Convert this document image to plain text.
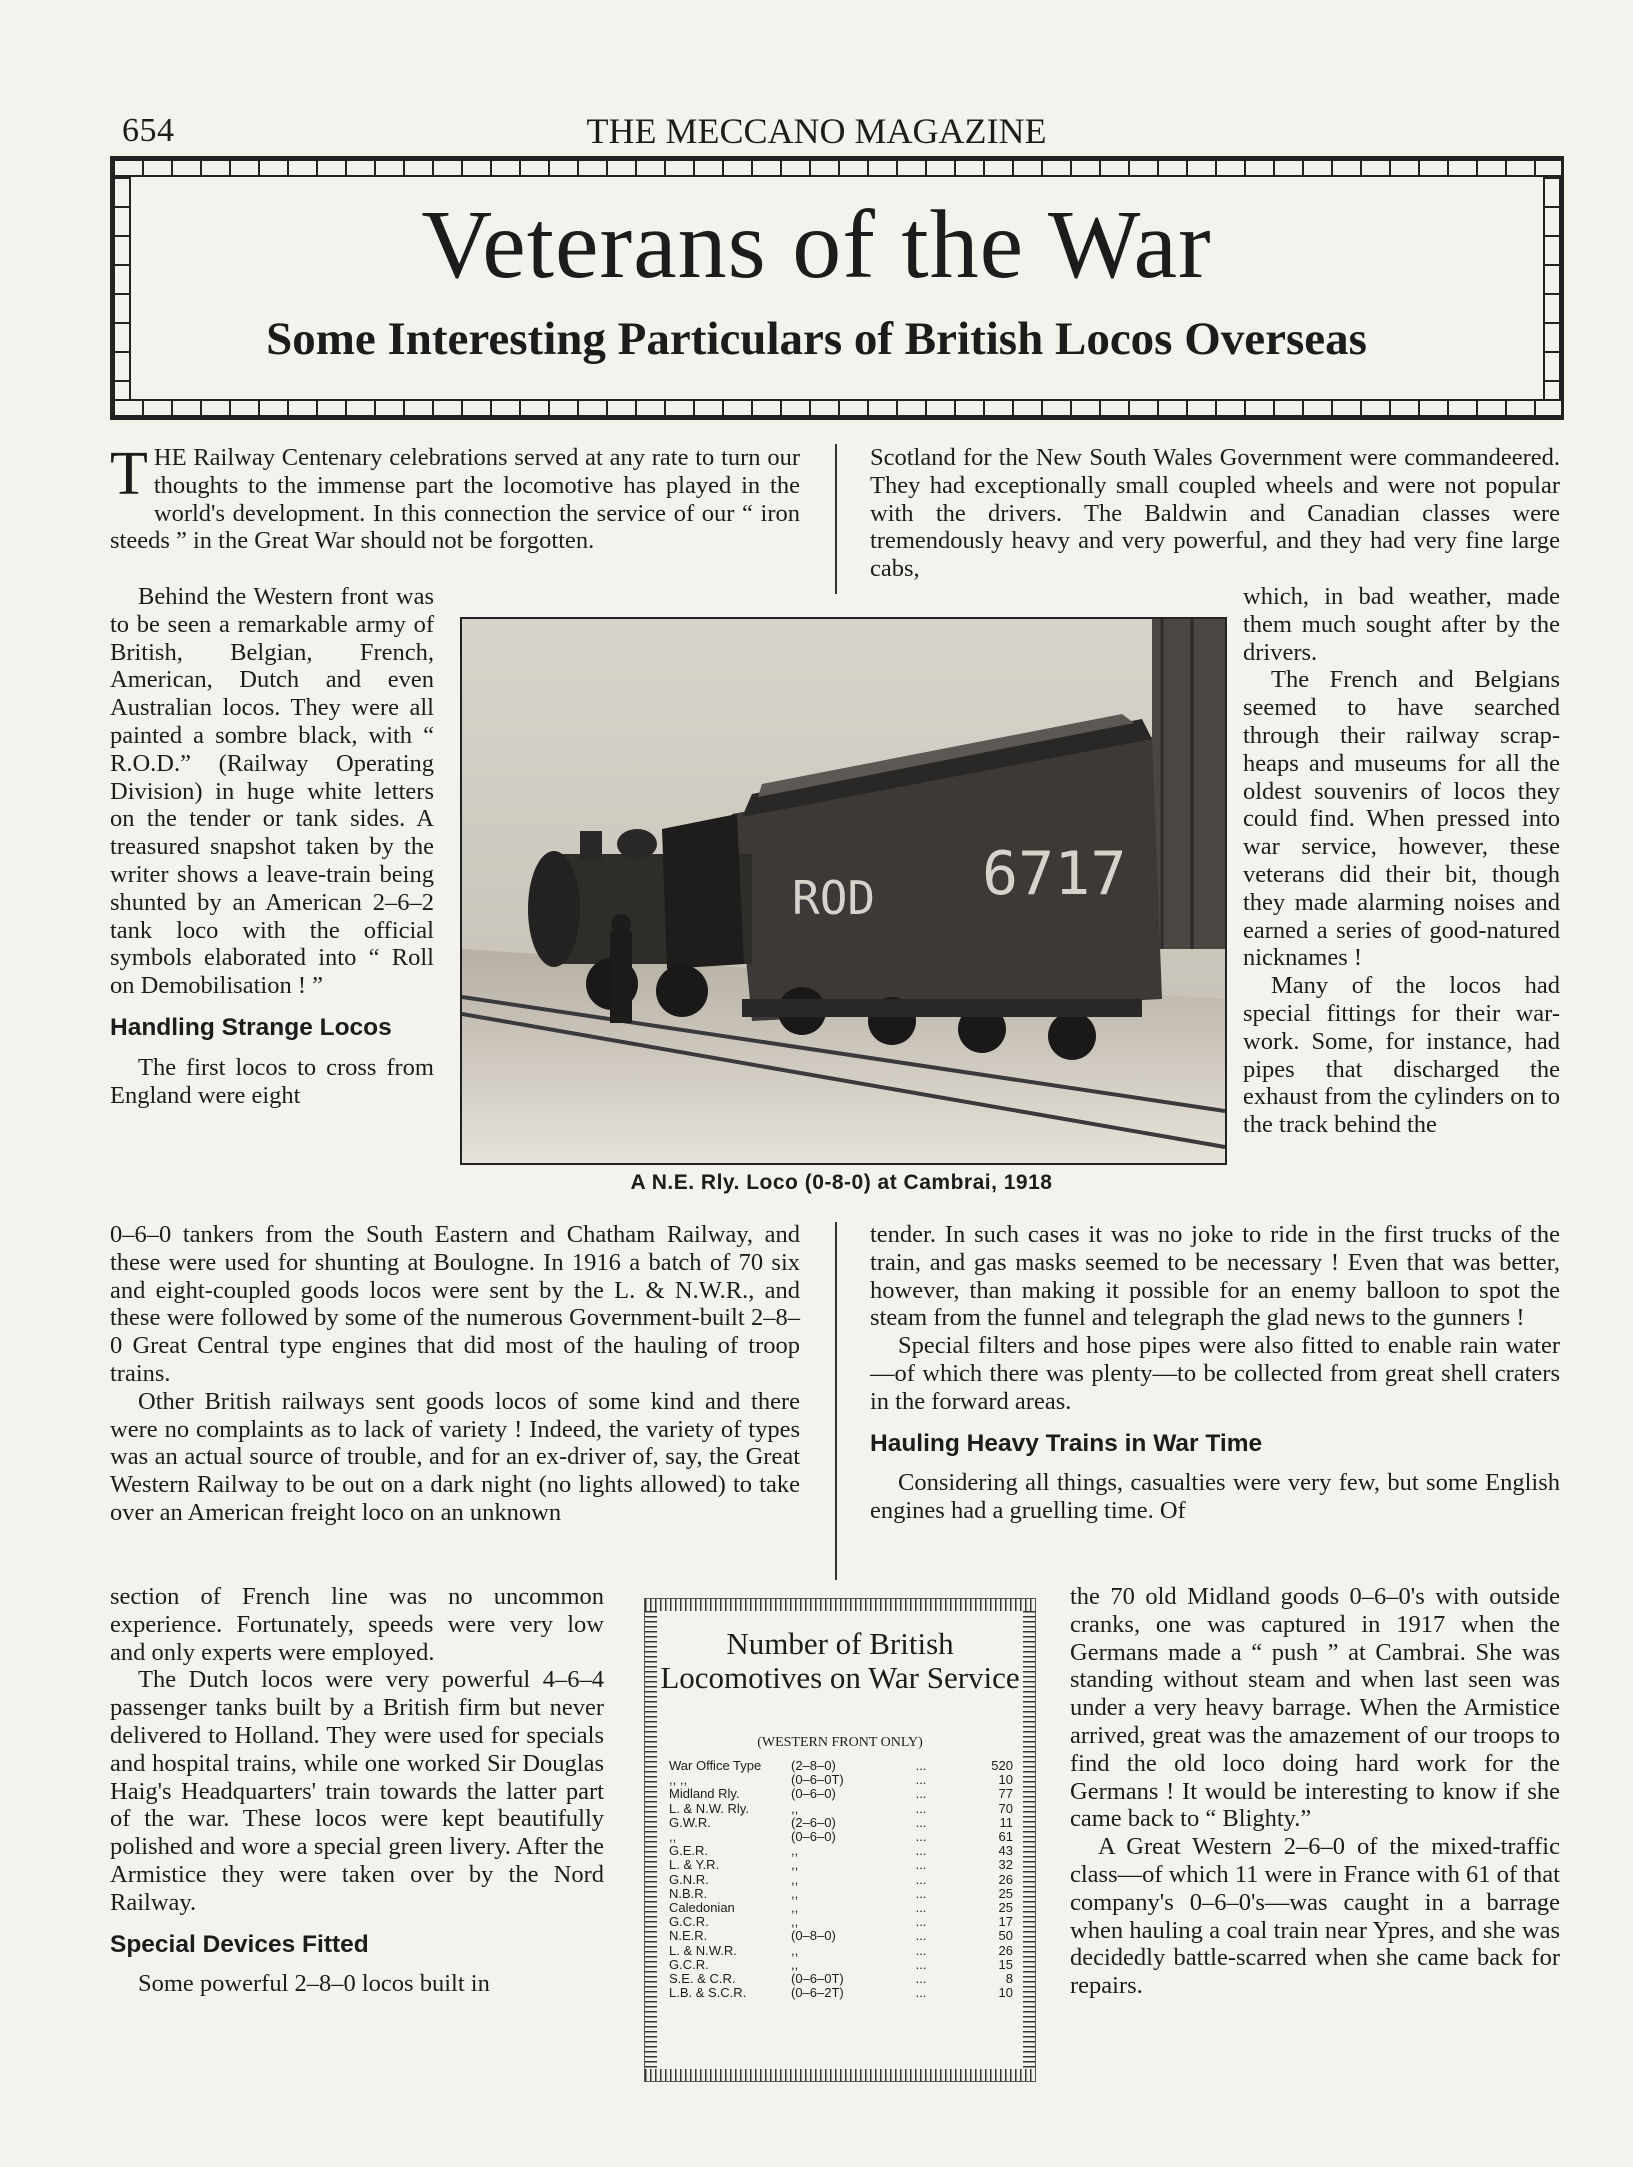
654	THE MECCANO MAGAZINE
Veterans of the War
Some Interesting Particulars of British Locos Overseas

THE Railway Centenary celebrations served at any rate to turn our thoughts to the immense part the locomotive has played in the world's development. In this connection the service of our “ iron steeds ” in the Great War should not be forgotten.

Behind the Western front was to be seen a remarkable army of British, Belgian, French, American, Dutch and even Australian locos. They were all painted a sombre black, with “ R.O.D.” (Railway Operating Division) in huge white letters on the tender or tank sides. A treasured snapshot taken by the writer shows a leave-train being shunted by an American 2–6–2 tank loco with the official symbols elaborated into “ Roll on Demobilisation ! ”

Handling Strange Locos

The first locos to cross from England were eight

0–6–0 tankers from the South Eastern and Chatham Railway, and these were used for shunting at Boulogne. In 1916 a batch of 70 six and eight-coupled goods locos were sent by the L. & N.W.R., and these were followed by some of the numerous Government-built 2–8–0 Great Central type engines that did most of the hauling of troop trains.

Other British railways sent goods locos of some kind and there were no complaints as to lack of variety ! Indeed, the variety of types was an actual source of trouble, and for an ex-driver of, say, the Great Western Railway to be out on a dark night (no lights allowed) to take over an American freight loco on an unknown

section of French line was no uncommon experience. Fortunately, speeds were very low and only experts were employed.

The Dutch locos were very powerful 4–6–4 passenger tanks built by a British firm but never delivered to Holland. They were used for specials and hospital trains, while one worked Sir Douglas Haig's Headquarters' train towards the latter part of the war. These locos were kept beautifully polished and wore a special green livery. After the Armistice they were taken over by the Nord Railway.

Special Devices Fitted

Some powerful 2–8–0 locos built in

Scotland for the New South Wales Government were commandeered. They had exceptionally small coupled wheels and were not popular with the drivers. The Baldwin and Canadian classes were tremendously heavy and very powerful, and they had very fine large cabs,

which, in bad weather, made them much sought after by the drivers.

The French and Belgians seemed to have searched through their railway scrap-heaps and museums for all the oldest souvenirs of locos they could find. When pressed into war service, however, these veterans did their bit, though they made alarming noises and earned a series of good-natured nicknames !

Many of the locos had special fittings for their war-work. Some, for instance, had pipes that discharged the exhaust from the cylinders on to the track behind the

tender. In such cases it was no joke to ride in the first trucks of the train, and gas masks seemed to be necessary ! Even that was better, however, than making it possible for an enemy balloon to spot the steam from the funnel and telegraph the glad news to the gunners !

Special filters and hose pipes were also fitted to enable rain water—of which there was plenty—to be collected from great shell craters in the forward areas.

Hauling Heavy Trains in War Time

Considering all things, casualties were very few, but some English engines had a gruelling time. Of

the 70 old Midland goods 0–6–0's with outside cranks, one was captured in 1917 when the Germans made a “ push ” at Cambrai. She was standing without steam and when last seen was under a very heavy barrage. When the Armistice arrived, great was the amazement of our troops to find the old loco doing hard work for the Germans ! It would be interesting to know if she came back to “ Blighty.”

A Great Western 2–6–0 of the mixed-traffic class—of which 11 were in France with 61 of that company's 0–6–0's—was caught in a barrage when hauling a coal train near Ypres, and she was decidedly battle-scarred when she came back for repairs.

ROD 6717
A N.E. Rly. Loco (0-8-0) at Cambrai, 1918
Number of British Locomotives on War Service
(WESTERN FRONT ONLY)
War Office Type	(2–8–0)	...	520
,, ,,	(0–6–0T)	...	10
Midland Rly.	(0–6–0)	...	77
L. & N.W. Rly.	,,	...	70
G.W.R.	(2–6–0)	...	11
,,	(0–6–0)	...	61
G.E.R.	,,	...	43
L. & Y.R.	,,	...	32
G.N.R.	,,	...	26
N.B.R.	,,	...	25
Caledonian	,,	...	25
G.C.R.	,,	...	17
N.E.R.	(0–8–0)	...	50
L. & N.W.R.	,,	...	26
G.C.R.	,,	...	15
S.E. & C.R.	(0–6–0T)	...	8
L.B. & S.C.R.	(0–6–2T)	...	10
